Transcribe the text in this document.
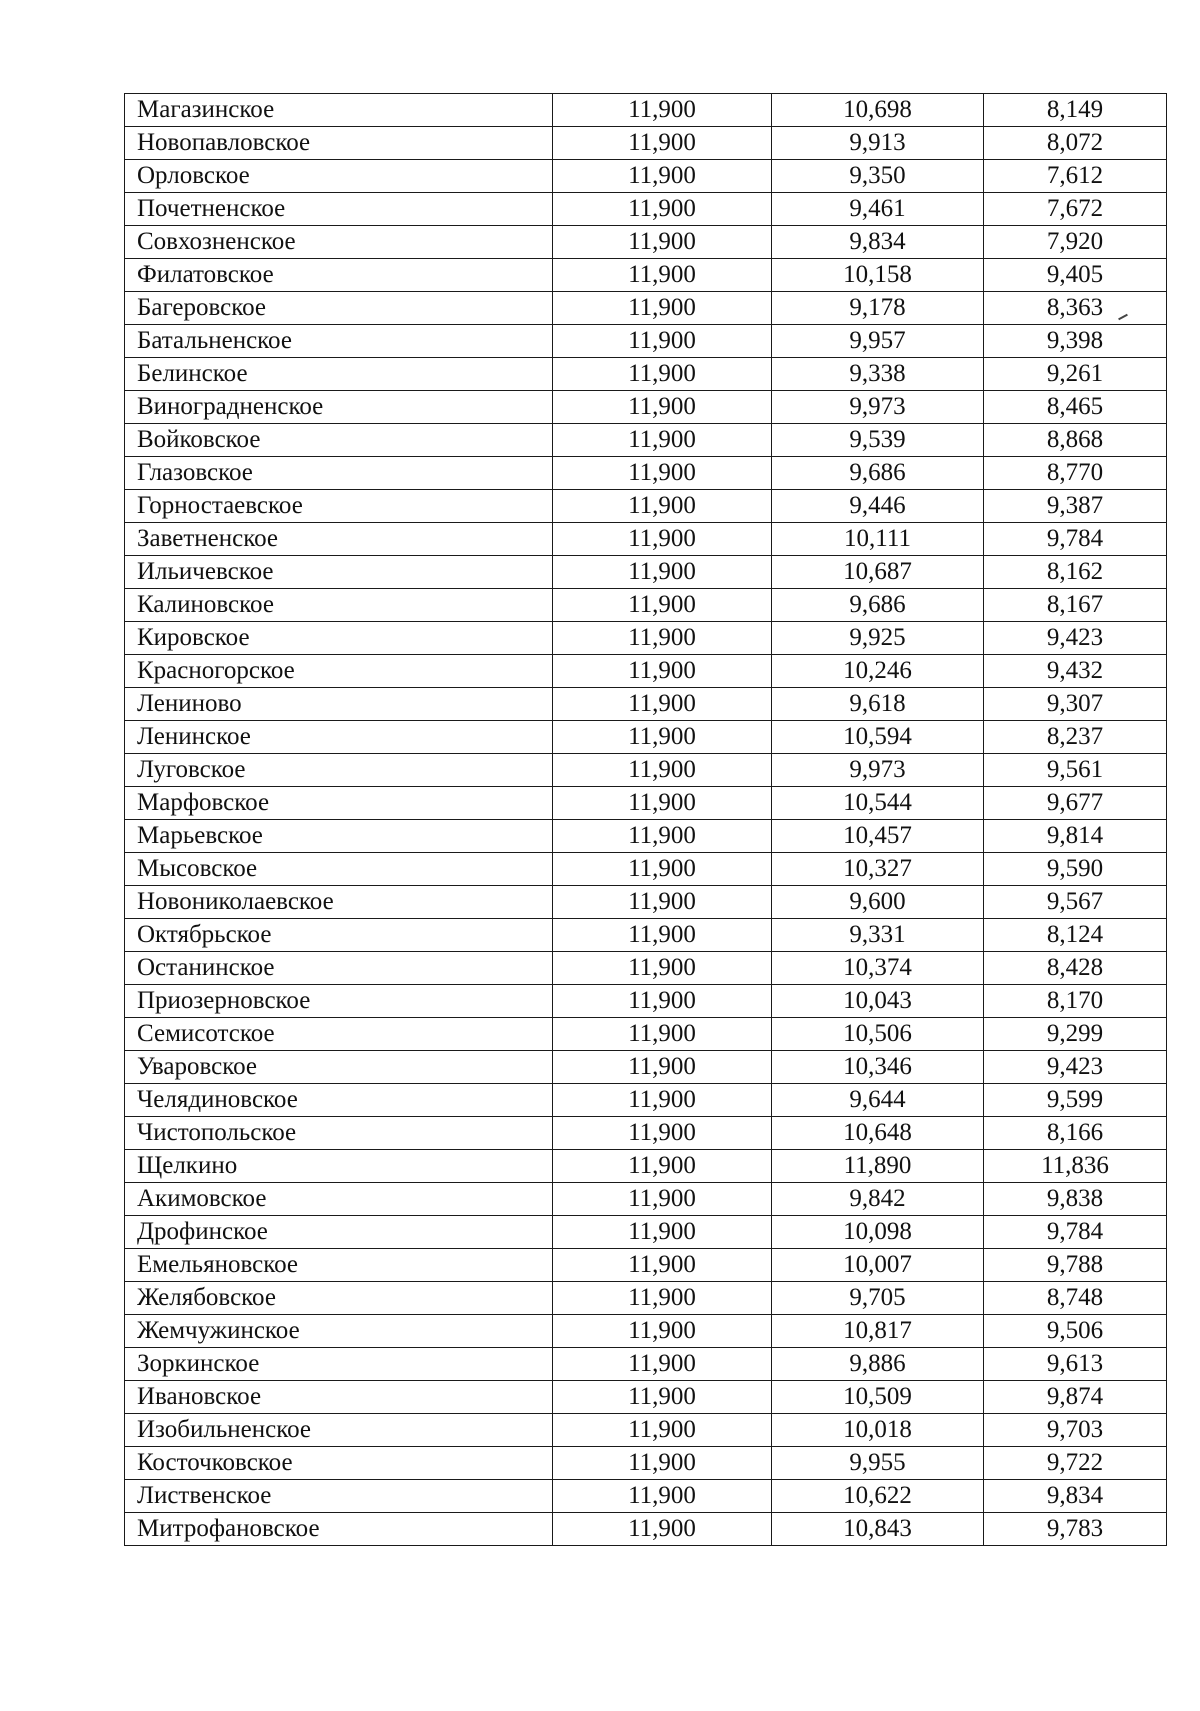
Магазинское	11,900	10,698	8,149
Новопавловское	11,900	9,913	8,072
Орловское	11,900	9,350	7,612
Почетненское	11,900	9,461	7,672
Совхозненское	11,900	9,834	7,920
Филатовское	11,900	10,158	9,405
Багеровское	11,900	9,178	8,363
Батальненское	11,900	9,957	9,398
Белинское	11,900	9,338	9,261
Виноградненское	11,900	9,973	8,465
Войковское	11,900	9,539	8,868
Глазовское	11,900	9,686	8,770
Горностаевское	11,900	9,446	9,387
Заветненское	11,900	10,111	9,784
Ильичевское	11,900	10,687	8,162
Калиновское	11,900	9,686	8,167
Кировское	11,900	9,925	9,423
Красногорское	11,900	10,246	9,432
Лениново	11,900	9,618	9,307
Ленинское	11,900	10,594	8,237
Луговское	11,900	9,973	9,561
Марфовское	11,900	10,544	9,677
Марьевское	11,900	10,457	9,814
Мысовское	11,900	10,327	9,590
Новониколаевское	11,900	9,600	9,567
Октябрьское	11,900	9,331	8,124
Останинское	11,900	10,374	8,428
Приозерновское	11,900	10,043	8,170
Семисотское	11,900	10,506	9,299
Уваровское	11,900	10,346	9,423
Челядиновское	11,900	9,644	9,599
Чистопольское	11,900	10,648	8,166
Щелкино	11,900	11,890	11,836
Акимовское	11,900	9,842	9,838
Дрофинское	11,900	10,098	9,784
Емельяновское	11,900	10,007	9,788
Желябовское	11,900	9,705	8,748
Жемчужинское	11,900	10,817	9,506
Зоркинское	11,900	9,886	9,613
Ивановское	11,900	10,509	9,874
Изобильненское	11,900	10,018	9,703
Косточковское	11,900	9,955	9,722
Лиственское	11,900	10,622	9,834
Митрофановское	11,900	10,843	9,783
